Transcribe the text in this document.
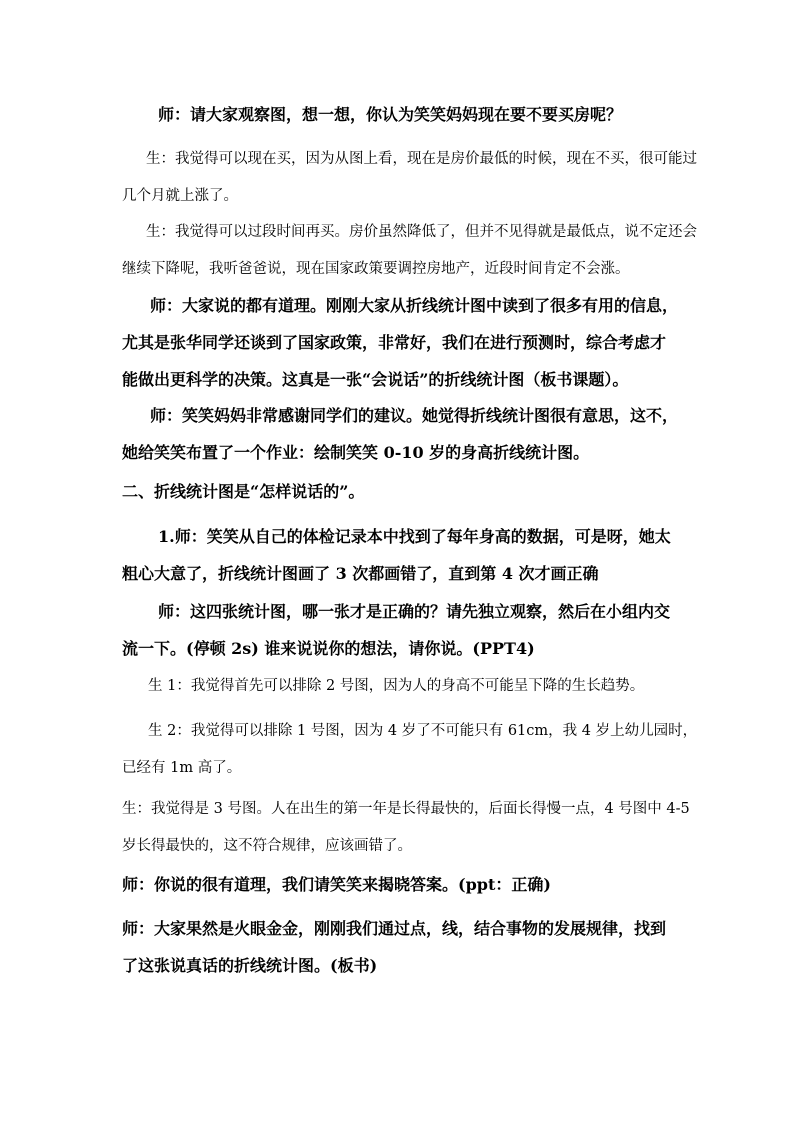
师：请大家观察图，想一想，你认为笑笑妈妈现在要不要买房呢？

生：我觉得可以现在买，因为从图上看，现在是房价最低的时候，现在不买，很可能过
几个月就上涨了。

生：我觉得可以过段时间再买。房价虽然降低了，但并不见得就是最低点，说不定还会
继续下降呢，我听爸爸说，现在国家政策要调控房地产，近段时间肯定不会涨。

师：大家说的都有道理。刚刚大家从折线统计图中读到了很多有用的信息，
尤其是张华同学还谈到了国家政策，非常好，我们在进行预测时，综合考虑才
能做出更科学的决策。这真是一张“会说话”的折线统计图（板书课题）。

师：笑笑妈妈非常感谢同学们的建议。她觉得折线统计图很有意思，这不，
她给笑笑布置了一个作业：绘制笑笑 0-10 岁的身高折线统计图。

二、折线统计图是“怎样说话的”。

1.师：笑笑从自己的体检记录本中找到了每年身高的数据，可是呀，她太
粗心大意了，折线统计图画了 3 次都画错了，直到第 4 次才画正确

师：这四张统计图，哪一张才是正确的？请先独立观察，然后在小组内交
流一下。(停顿 2s) 谁来说说你的想法，请你说。(PPT4)

生 1：我觉得首先可以排除 2 号图，因为人的身高不可能呈下降的生长趋势。

生 2：我觉得可以排除 1 号图，因为 4 岁了不可能只有 61cm，我 4 岁上幼儿园时，
已经有 1m 高了。

生：我觉得是 3 号图。人在出生的第一年是长得最快的，后面长得慢一点，4 号图中 4-5
岁长得最快的，这不符合规律，应该画错了。

师：你说的很有道理，我们请笑笑来揭晓答案。(ppt：正确)

师：大家果然是火眼金金，刚刚我们通过点，线，结合事物的发展规律，找到
了这张说真话的折线统计图。(板书)
